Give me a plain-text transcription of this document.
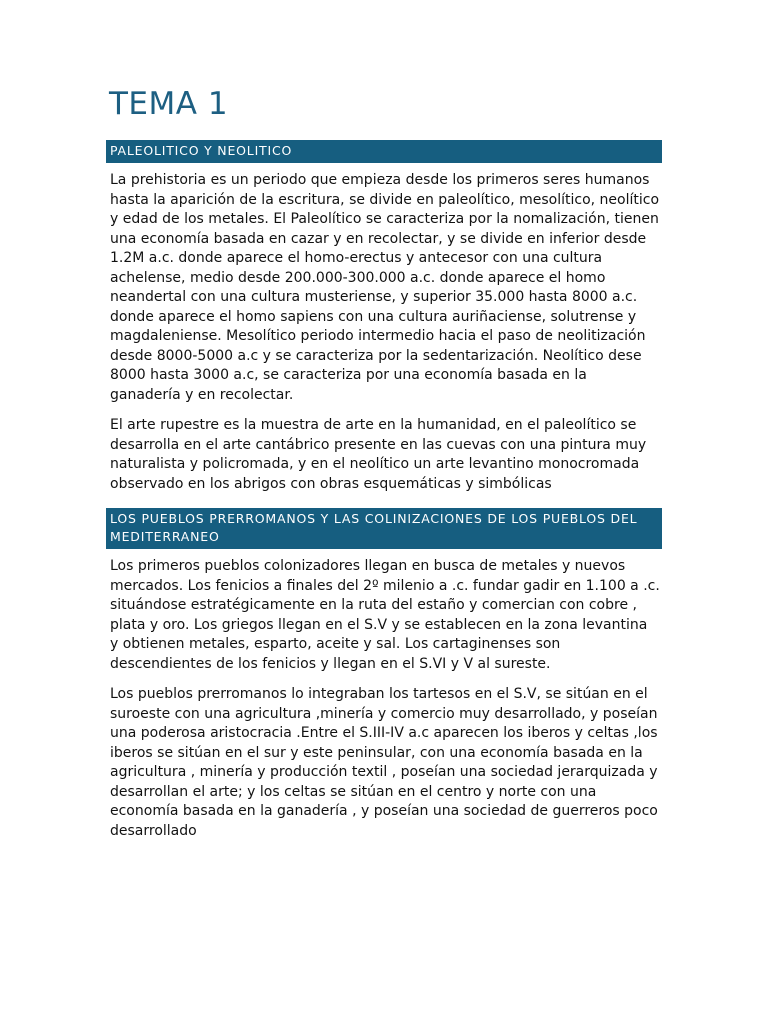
TEMA 1
PALEOLITICO Y NEOLITICO

La prehistoria es un periodo que empieza desde los primeros seres humanos hasta la aparición de la escritura, se divide en paleolítico, mesolítico, neolítico y edad de los metales. El Paleolítico se caracteriza por la nomalización, tienen una economía basada en cazar y en recolectar, y se divide en inferior desde 1.2M a.c. donde aparece el homo-erectus y antecesor con una cultura achelense, medio desde 200.000-300.000 a.c. donde aparece el homo neandertal con una cultura musteriense, y superior 35.000 hasta 8000 a.c. donde aparece el homo sapiens con una cultura auriñaciense, solutrense y magdaleniense. Mesolítico periodo intermedio hacia el paso de neolitización desde 8000-5000 a.c y se caracteriza por la sedentarización. Neolítico dese 8000 hasta 3000 a.c, se caracteriza por una economía basada en la ganadería y en recolectar.

El arte rupestre es la muestra de arte en la humanidad, en el paleolítico se desarrolla en el arte cantábrico presente en las cuevas con una pintura muy naturalista y policromada, y en el neolítico un arte levantino monocromada observado en los abrigos con obras esquemáticas y simbólicas

LOS PUEBLOS PRERROMANOS Y LAS COLINIZACIONES DE LOS PUEBLOS DEL MEDITERRANEO

Los primeros pueblos colonizadores llegan en busca de metales y nuevos mercados. Los fenicios a finales del 2º milenio a .c. fundar gadir en 1.100 a .c. situándose estratégicamente en la ruta del estaño y comercian con cobre , plata y oro. Los griegos llegan en el S.V y se establecen en la zona levantina y obtienen metales, esparto, aceite y sal. Los cartaginenses son descendientes de los fenicios y llegan en el S.VI y V al sureste.

Los pueblos prerromanos lo integraban los tartesos en el S.V, se sitúan en el suroeste con una agricultura ,minería y comercio muy desarrollado, y poseían una poderosa aristocracia .Entre el S.III-IV a.c aparecen los iberos y celtas ,los iberos se sitúan en el sur y este peninsular, con una economía basada en la agricultura , minería y producción textil , poseían una sociedad jerarquizada y desarrollan el arte; y los celtas se sitúan en el centro y norte con una economía basada en la ganadería , y poseían una sociedad de guerreros poco desarrollado
